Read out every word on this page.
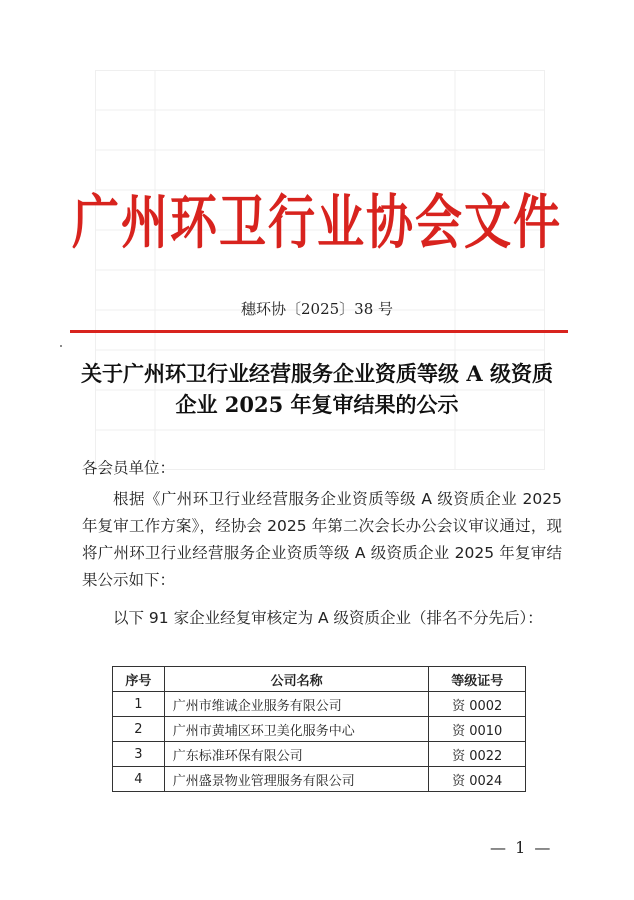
广州环卫行业协会文件
穗环协〔2025〕38 号
关于广州环卫行业经营服务企业资质等级 A 级资质企业 2025 年复审结果的公示
各会员单位：
根据《广州环卫行业经营服务企业资质等级 A 级资质企业 2025 年复审工作方案》，经协会 2025 年第二次会长办公会议审议通过，现将广州环卫行业经营服务企业资质等级 A 级资质企业 2025 年复审结果公示如下：
以下 91 家企业经复审核定为 A 级资质企业（排名不分先后）：
序号	公司名称	等级证号
1	广州市维诚企业服务有限公司	资 0002
2	广州市黄埔区环卫美化服务中心	资 0010
3	广东标准环保有限公司	资 0022
4	广州盛景物业管理服务有限公司	资 0024
— 1 —
